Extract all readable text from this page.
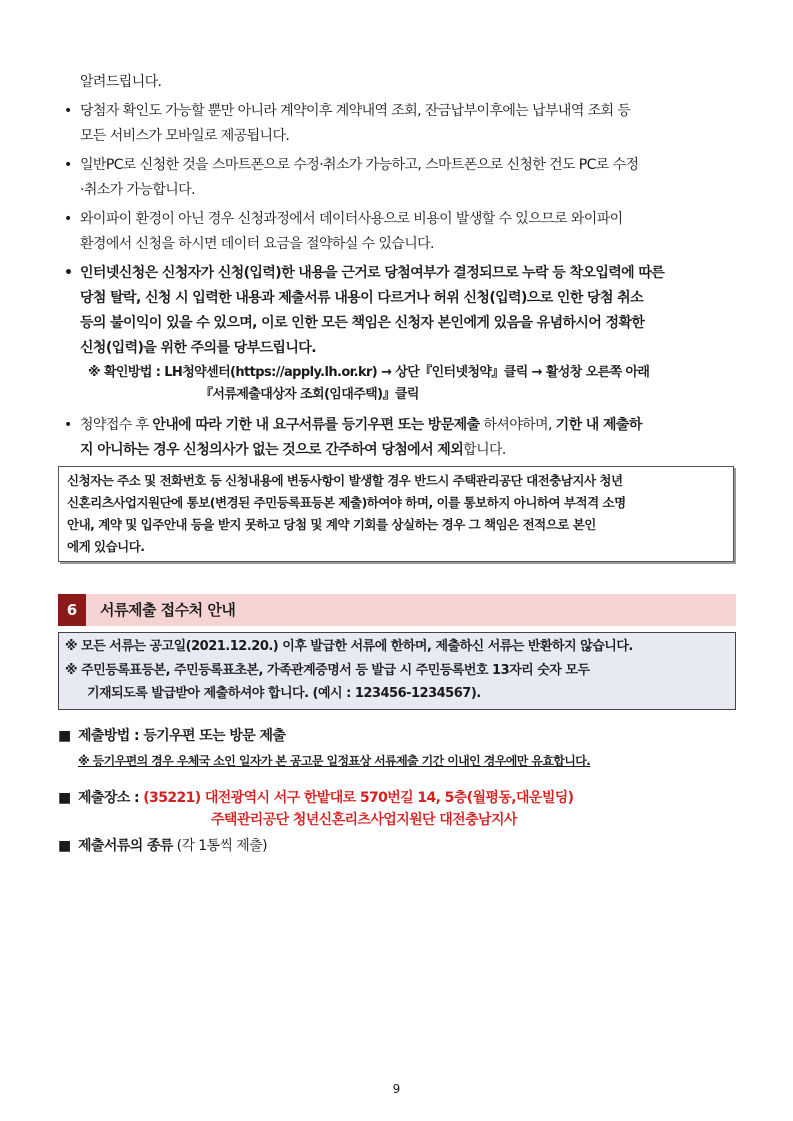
알려드립니다.
• 당첨자 확인도 가능할 뿐만 아니라 계약이후 계약내역 조회, 잔금납부이후에는 납부내역 조회 등
모든 서비스가 모바일로 제공됩니다.
• 일반PC로 신청한 것을 스마트폰으로 수정·취소가 가능하고, 스마트폰으로 신청한 건도 PC로 수정
·취소가 가능합니다.
• 와이파이 환경이 아닌 경우 신청과정에서 데이터사용으로 비용이 발생할 수 있으므로 와이파이
환경에서 신청을 하시면 데이터 요금을 절약하실 수 있습니다.
• 인터넷신청은 신청자가 신청(입력)한 내용을 근거로 당첨여부가 결정되므로 누락 등 착오입력에 따른
당첨 탈락, 신청 시 입력한 내용과 제출서류 내용이 다르거나 허위 신청(입력)으로 인한 당첨 취소
등의 불이익이 있을 수 있으며, 이로 인한 모든 책임은 신청자 본인에게 있음을 유념하시어 정확한
신청(입력)을 위한 주의를 당부드립니다.
※ 확인방법 : LH청약센터(https://apply.lh.or.kr) → 상단『인터넷청약』클릭 → 활성창 오른쪽 아래
『서류제출대상자 조회(임대주택)』클릭
• 청약접수 후 안내에 따라 기한 내 요구서류를 등기우편 또는 방문제출 하셔야하며, 기한 내 제출하
지 아니하는 경우 신청의사가 없는 것으로 간주하여 당첨에서 제외합니다.
신청자는 주소 및 전화번호 등 신청내용에 변동사항이 발생할 경우 반드시 주택관리공단 대전충남지사 청년
신혼리츠사업지원단에 통보(변경된 주민등록표등본 제출)하여야 하며, 이를 통보하지 아니하여 부적격 소명
안내, 계약 및 입주안내 등을 받지 못하고 당첨 및 계약 기회를 상실하는 경우 그 책임은 전적으로 본인
에게 있습니다.
6	서류제출 접수처 안내
※ 모든 서류는 공고일(2021.12.20.) 이후 발급한 서류에 한하며, 제출하신 서류는 반환하지 않습니다.
※ 주민등록표등본, 주민등록표초본, 가족관계증명서 등 발급 시 주민등록번호 13자리 숫자 모두
기재되도록 발급받아 제출하셔야 합니다. (예시 : 123456-1234567).
■ 제출방법 : 등기우편 또는 방문 제출
※ 등기우편의 경우 우체국 소인 일자가 본 공고문 일정표상 서류제출 기간 이내인 경우에만 유효합니다.
■ 제출장소 : (35221) 대전광역시 서구 한밭대로 570번길 14, 5층(월평동,대운빌딩)
주택관리공단 청년신혼리츠사업지원단 대전충남지사
■ 제출서류의 종류 (각 1통씩 제출)
9
